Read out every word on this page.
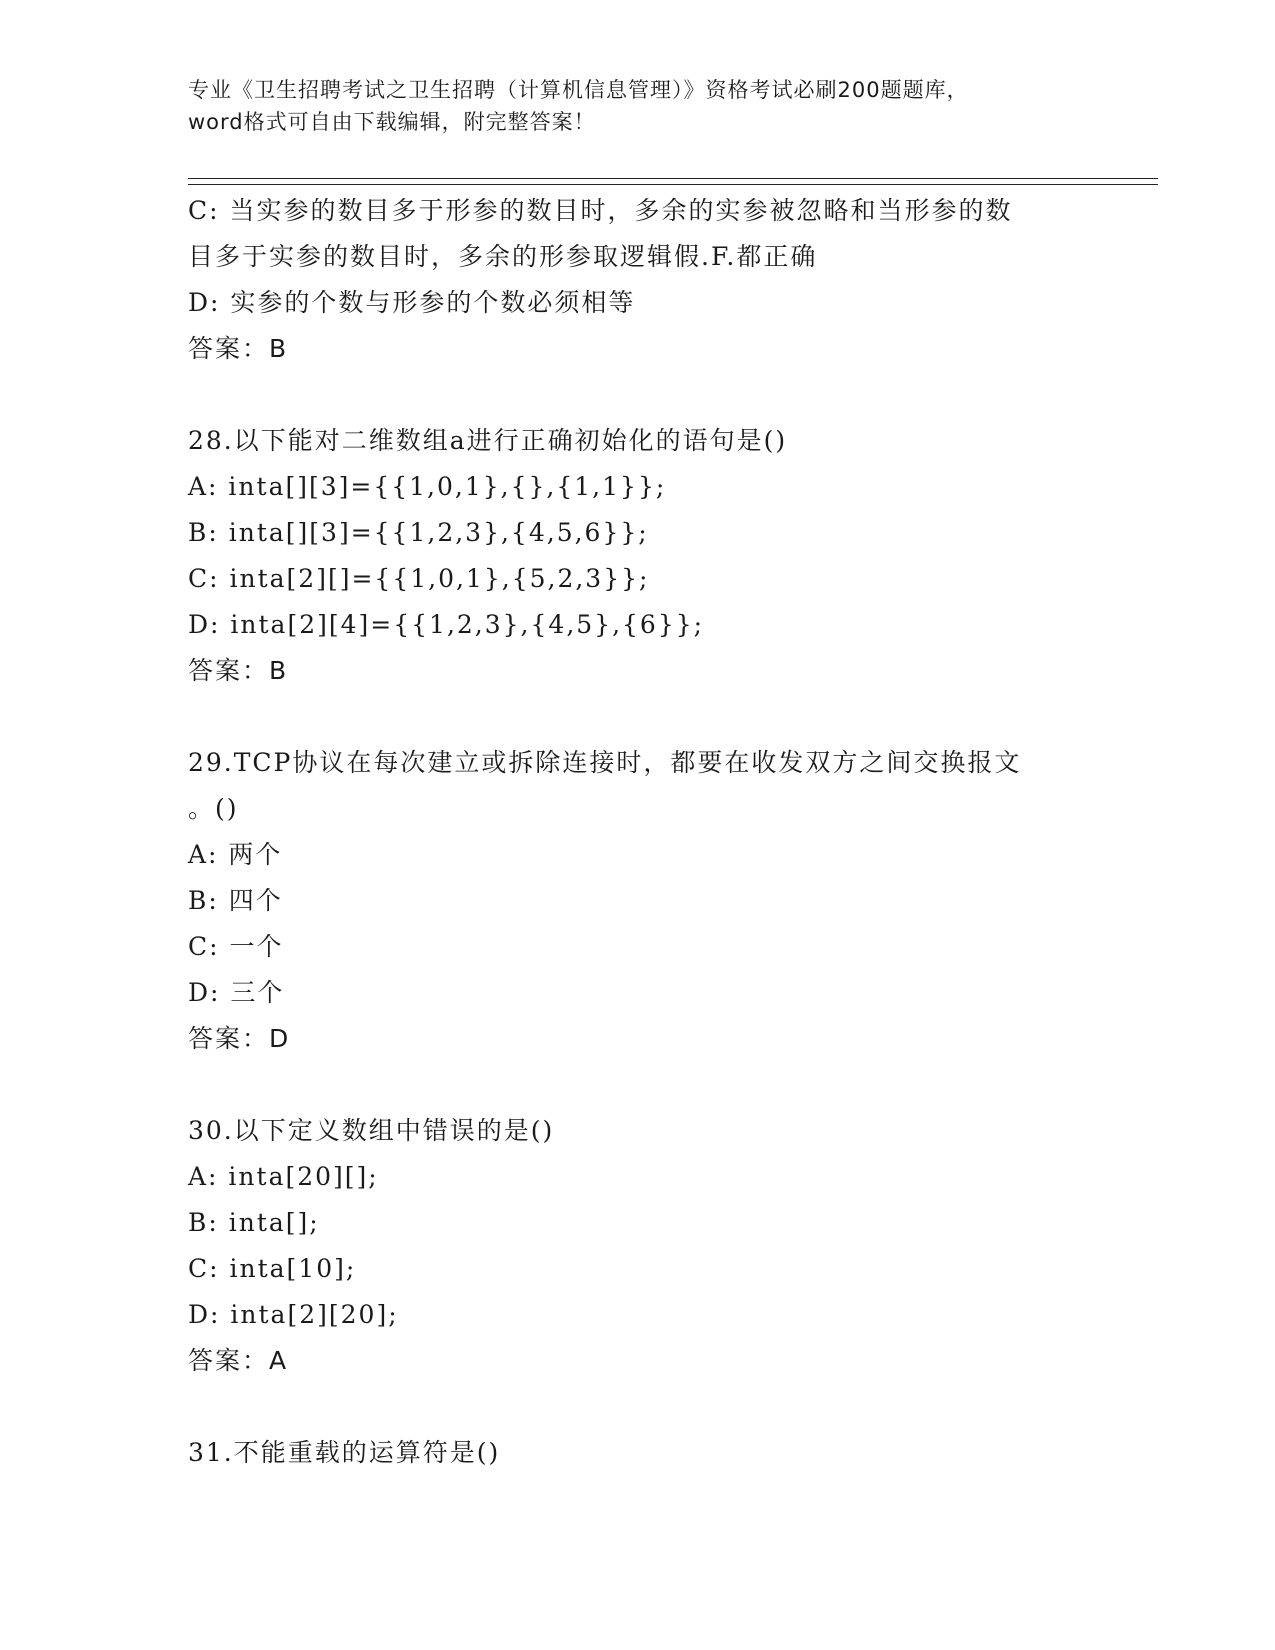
专业《卫生招聘考试之卫生招聘（计算机信息管理）》资格考试必刷200题题库，
word格式可自由下载编辑，附完整答案！
C: 当实参的数目多于形参的数目时，多余的实参被忽略和当形参的数
目多于实参的数目时，多余的形参取逻辑假.F.都正确
D: 实参的个数与形参的个数必须相等
答案：B
28.以下能对二维数组a进行正确初始化的语句是()
A: inta[][3]={{1,0,1},{},{1,1}};
B: inta[][3]={{1,2,3},{4,5,6}};
C: inta[2][]={{1,0,1},{5,2,3}};
D: inta[2][4]={{1,2,3},{4,5},{6}};
答案：B
29.TCP协议在每次建立或拆除连接时，都要在收发双方之间交换报文
。()
A: 两个
B: 四个
C: 一个
D: 三个
答案：D
30.以下定义数组中错误的是()
A: inta[20][];
B: inta[];
C: inta[10];
D: inta[2][20];
答案：A
31.不能重载的运算符是()
